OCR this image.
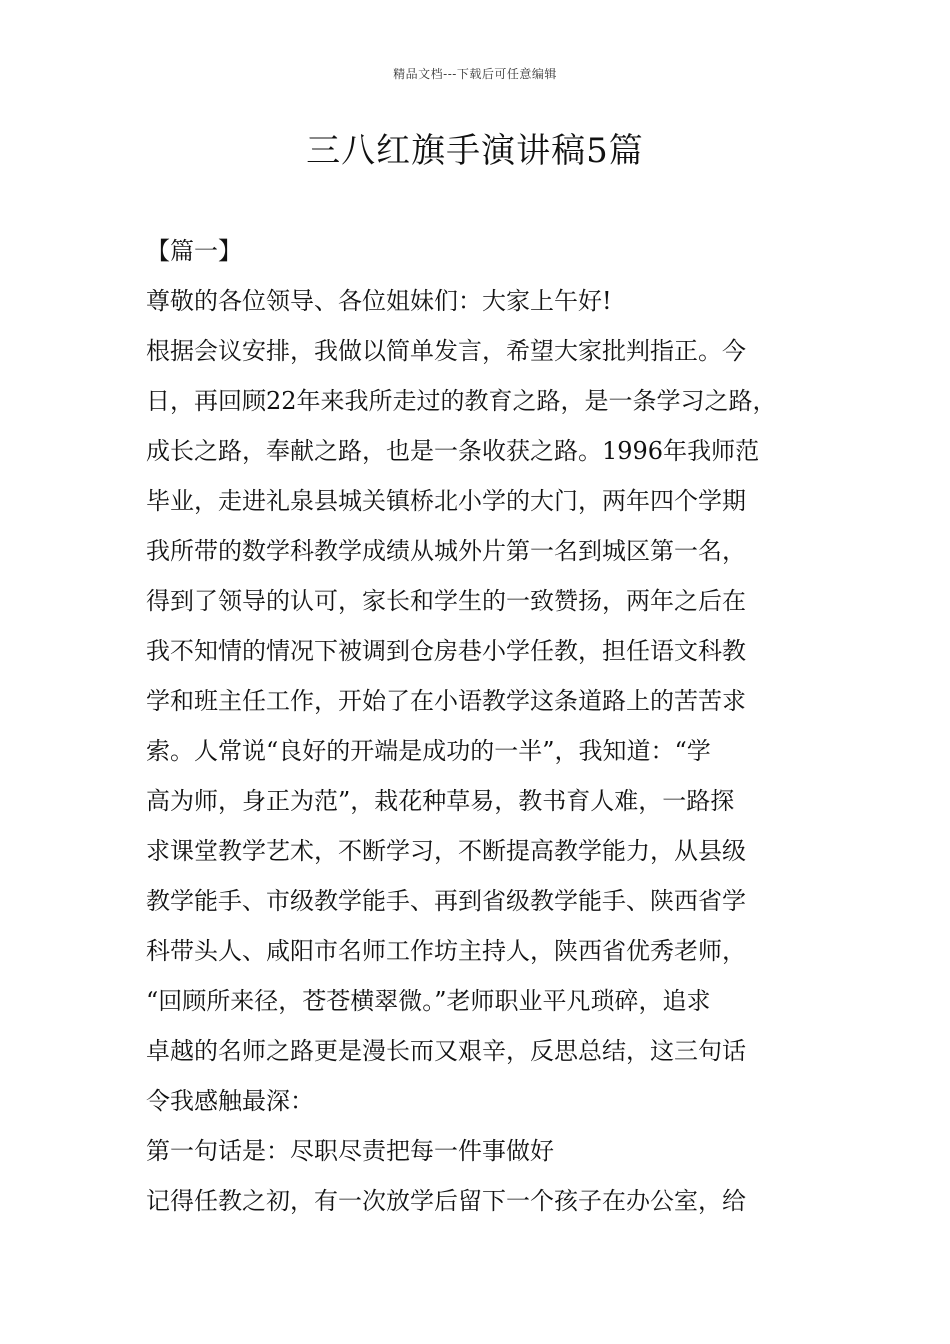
精品文档---下载后可任意编辑
三八红旗手演讲稿5篇
【篇一】
尊敬的各位领导、各位姐妹们：大家上午好!
根据会议安排，我做以简单发言，希望大家批判指正。今
日，再回顾22年来我所走过的教育之路，是一条学习之路，
成长之路，奉献之路，也是一条收获之路。1996年我师范
毕业，走进礼泉县城关镇桥北小学的大门，两年四个学期
我所带的数学科教学成绩从城外片第一名到城区第一名，
得到了领导的认可，家长和学生的一致赞扬，两年之后在
我不知情的情况下被调到仓房巷小学任教，担任语文科教
学和班主任工作，开始了在小语教学这条道路上的苦苦求
索。人常说“良好的开端是成功的一半”，我知道：“学
高为师，身正为范”，栽花种草易，教书育人难，一路探
求课堂教学艺术，不断学习，不断提高教学能力，从县级
教学能手、市级教学能手、再到省级教学能手、陕西省学
科带头人、咸阳市名师工作坊主持人，陕西省优秀老师，
“回顾所来径，苍苍横翠微。”老师职业平凡琐碎，追求
卓越的名师之路更是漫长而又艰辛，反思总结，这三句话
令我感触最深：
第一句话是：尽职尽责把每一件事做好
记得任教之初，有一次放学后留下一个孩子在办公室，给
